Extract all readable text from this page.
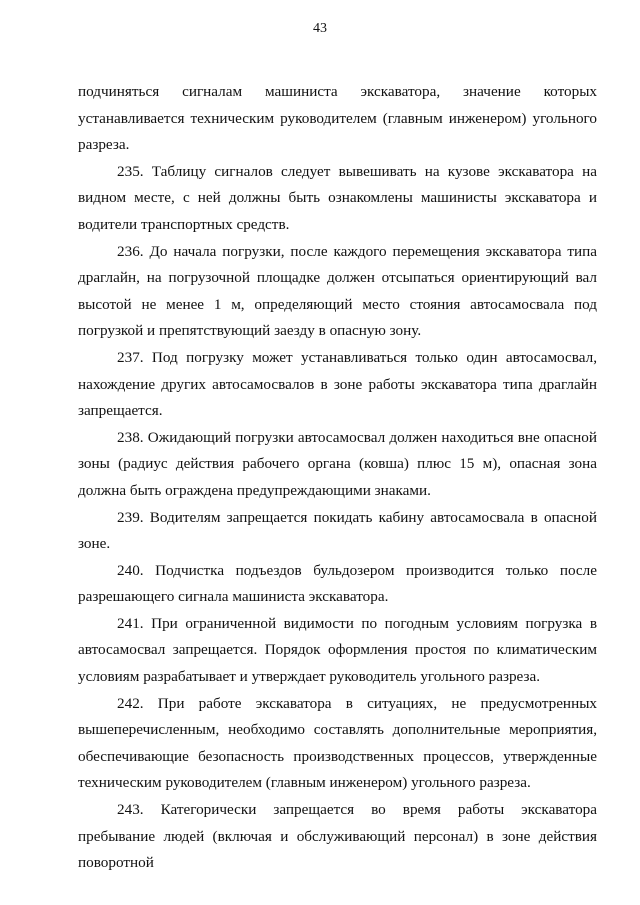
43

подчиняться сигналам машиниста экскаватора, значение которых устанавливается техническим руководителем (главным инженером) угольного разреза.

235. Таблицу сигналов следует вывешивать на кузове экскаватора на видном месте, с ней должны быть ознакомлены машинисты экскаватора и водители транспортных средств.

236. До начала погрузки, после каждого перемещения экскаватора типа драглайн, на погрузочной площадке должен отсыпаться ориентирующий вал высотой не менее 1 м, определяющий место стояния автосамосвала под погрузкой и препятствующий заезду в опасную зону.

237. Под погрузку может устанавливаться только один автосамосвал, нахождение других автосамосвалов в зоне работы экскаватора типа драглайн запрещается.

238. Ожидающий погрузки автосамосвал должен находиться вне опасной зоны (радиус действия рабочего органа (ковша) плюс 15 м), опасная зона должна быть ограждена предупреждающими знаками.

239. Водителям запрещается покидать кабину автосамосвала в опасной зоне.

240. Подчистка подъездов бульдозером производится только после разрешающего сигнала машиниста экскаватора.

241. При ограниченной видимости по погодным условиям погрузка в автосамосвал запрещается. Порядок оформления простоя по климатическим условиям разрабатывает и утверждает руководитель угольного разреза.

242. При работе экскаватора в ситуациях, не предусмотренных вышеперечисленным, необходимо составлять дополнительные мероприятия, обеспечивающие безопасность производственных процессов, утвержденные техническим руководителем (главным инженером) угольного разреза.

243. Категорически запрещается во время работы экскаватора пребывание людей (включая и обслуживающий персонал) в зоне действия поворотной
